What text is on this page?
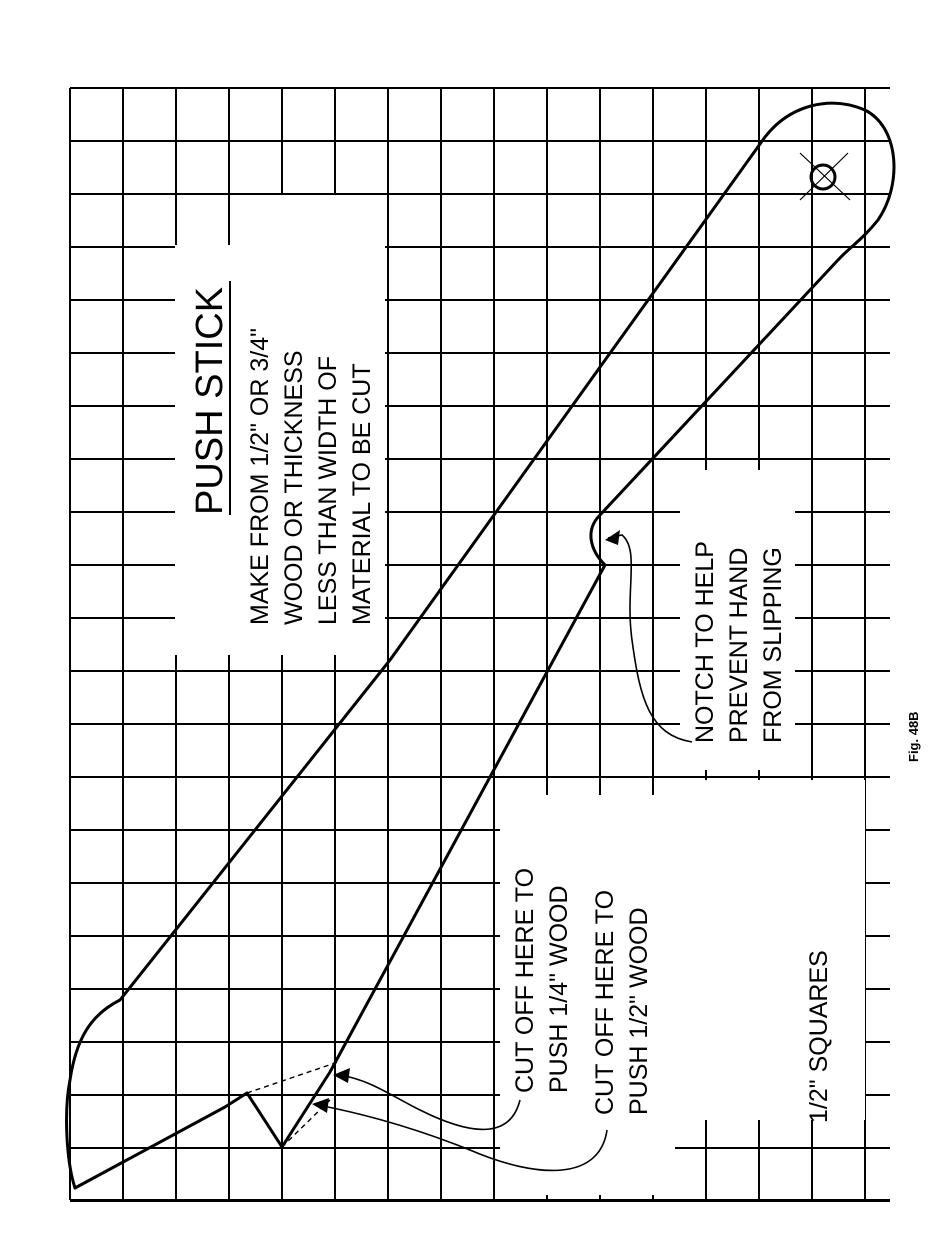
PUSH STICK MAKE FROM 1/2" OR 3/4" WOOD OR THICKNESS LESS THAN WIDTH OF MATERIAL TO BE CUT
NOTCH TO HELP PREVENT HAND FROM SLIPPING
CUT OFF HERE TO PUSH 1/4" WOOD CUT OFF HERE TO PUSH 1/2" WOOD	1/2" SQUARES
Fig. 48B
